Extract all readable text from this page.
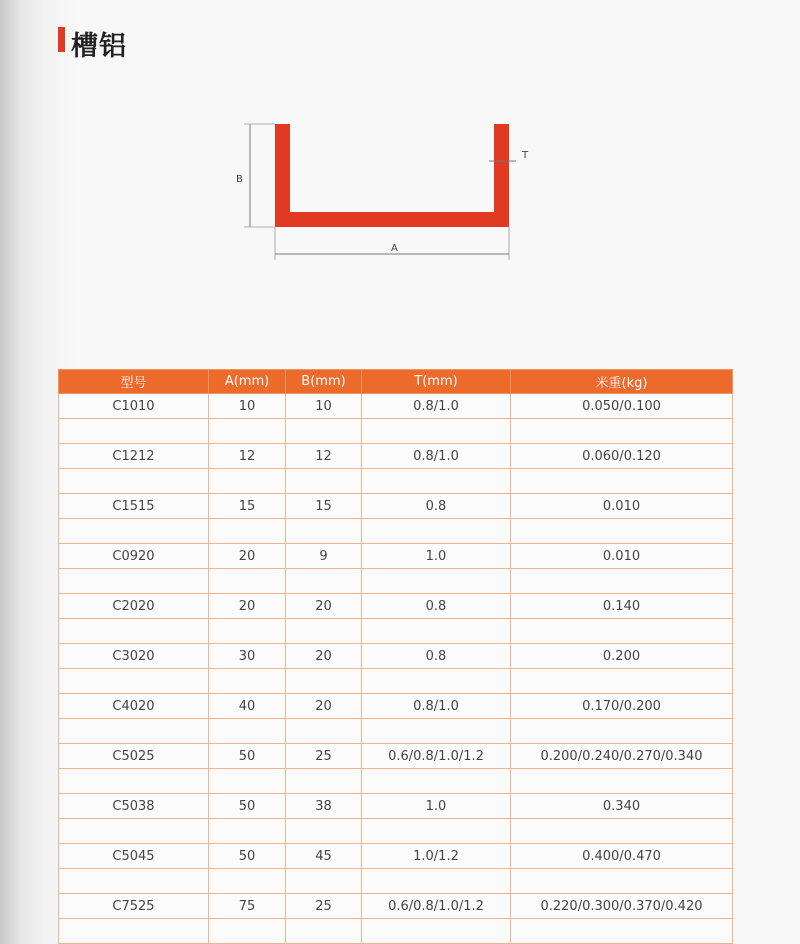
槽铝
B
A
T
型号	A(mm)	B(mm)	T(mm)	米重(kg)
C1010	10	10	0.8/1.0	0.050/0.100

C1212	12	12	0.8/1.0	0.060/0.120

C1515	15	15	0.8	0.010

C0920	20	9	1.0	0.010

C2020	20	20	0.8	0.140

C3020	30	20	0.8	0.200

C4020	40	20	0.8/1.0	0.170/0.200

C5025	50	25	0.6/0.8/1.0/1.2	0.200/0.240/0.270/0.340

C5038	50	38	1.0	0.340

C5045	50	45	1.0/1.2	0.400/0.470

C7525	75	25	0.6/0.8/1.0/1.2	0.220/0.300/0.370/0.420
